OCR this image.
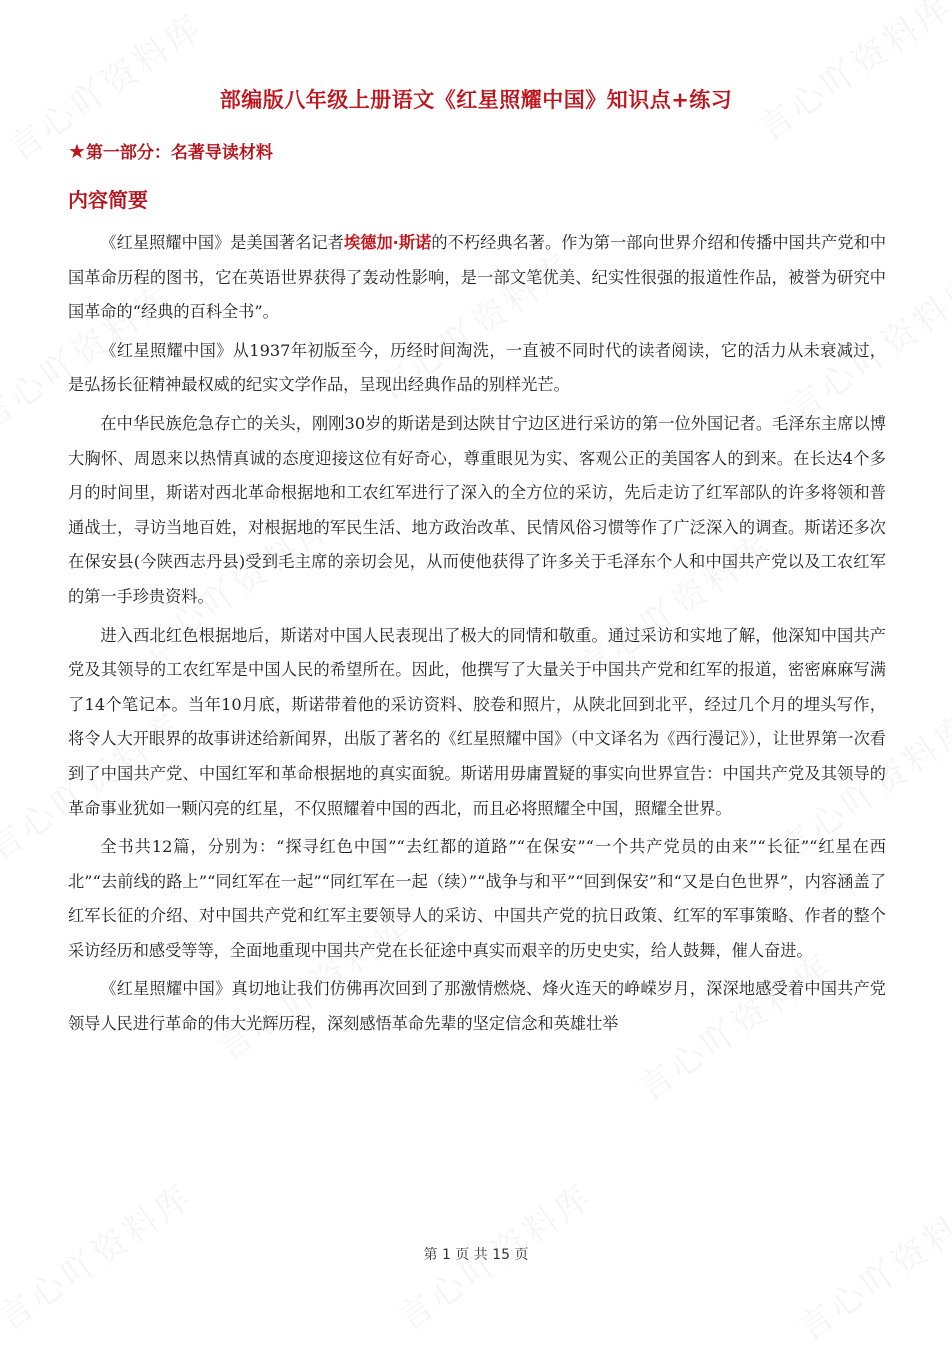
部编版八年级上册语文《红星照耀中国》知识点+练习
★第一部分：名著导读材料
内容简要

《红星照耀中国》是美国著名记者埃德加·斯诺的不朽经典名著。作为第一部向世界介绍和传播中国共产党和中国革命历程的图书，它在英语世界获得了轰动性影响，是一部文笔优美、纪实性很强的报道性作品，被誉为研究中国革命的“经典的百科全书”。

《红星照耀中国》从1937年初版至今，历经时间淘洗，一直被不同时代的读者阅读，它的活力从未衰减过，是弘扬长征精神最权威的纪实文学作品，呈现出经典作品的别样光芒。

在中华民族危急存亡的关头，刚刚30岁的斯诺是到达陕甘宁边区进行采访的第一位外国记者。毛泽东主席以博大胸怀、周恩来以热情真诚的态度迎接这位有好奇心，尊重眼见为实、客观公正的美国客人的到来。在长达4个多月的时间里，斯诺对西北革命根据地和工农红军进行了深入的全方位的采访，先后走访了红军部队的许多将领和普通战士，寻访当地百姓，对根据地的军民生活、地方政治改革、民情风俗习惯等作了广泛深入的调查。斯诺还多次在保安县(今陕西志丹县)受到毛主席的亲切会见，从而使他获得了许多关于毛泽东个人和中国共产党以及工农红军的第一手珍贵资料。

进入西北红色根据地后，斯诺对中国人民表现出了极大的同情和敬重。通过采访和实地了解，他深知中国共产党及其领导的工农红军是中国人民的希望所在。因此，他撰写了大量关于中国共产党和红军的报道，密密麻麻写满了14个笔记本。当年10月底，斯诺带着他的采访资料、胶卷和照片，从陕北回到北平，经过几个月的埋头写作，将令人大开眼界的故事讲述给新闻界，出版了著名的《红星照耀中国》（中文译名为《西行漫记》），让世界第一次看到了中国共产党、中国红军和革命根据地的真实面貌。斯诺用毋庸置疑的事实向世界宣告：中国共产党及其领导的革命事业犹如一颗闪亮的红星，不仅照耀着中国的西北，而且必将照耀全中国，照耀全世界。

全书共12篇，分别为：“探寻红色中国”“去红都的道路”“在保安”“一个共产党员的由来”“长征”“红星在西北”“去前线的路上”“同红军在一起”“同红军在一起（续）”“战争与和平”“回到保安”和“又是白色世界”，内容涵盖了红军长征的介绍、对中国共产党和红军主要领导人的采访、中国共产党的抗日政策、红军的军事策略、作者的整个采访经历和感受等等，全面地重现中国共产党在长征途中真实而艰辛的历史史实，给人鼓舞，催人奋进。

《红星照耀中国》真切地让我们仿佛再次回到了那激情燃烧、烽火连天的峥嵘岁月，深深地感受着中国共产党领导人民进行革命的伟大光辉历程，深刻感悟革命先辈的坚定信念和英雄壮举

第 1 页 共 15 页
